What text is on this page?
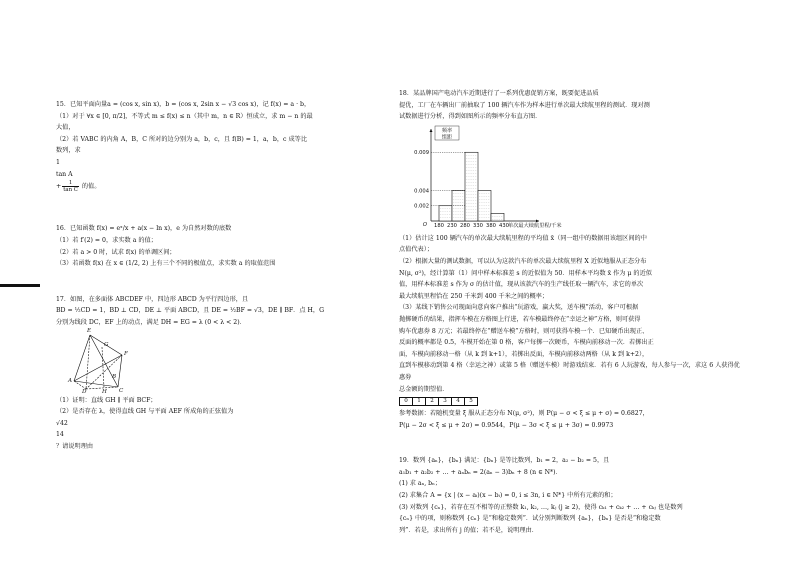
15．已知平面向量a = (cos x, sin x)，b = (cos x, 2sin x − √3 cos x)，记 f(x) = a · b，

（1）对于 ∀x ∈ [0, π/2]，不等式 m ≤ f(x) ≤ n（其中 m，n ∈ R）恒成立，求 m − n 的最

大值，

（2）若 VABC 的内角 A，B，C 所对的边分别为 a，b，c，且 f(B) = 1，a，b，c 成等比

数列，求

1
tan A
+ $\frac{1}{\text{tan C}}$ 的值。

16．已知函数 f(x) = eˣ/x + a(x − ln x)，e 为自然对数的底数

（1）若 f′(2) = 0，求实数 a 的值；

（2）若 a > 0 时，试求 f(x) 的单调区间；

（3）若函数 f(x) 在 x ∈ (1/2, 2) 上有三个不同的极值点，求实数 a 的取值范围

17．如图，在多面体 ABCDEF 中，四边形 ABCD 为平行四边形，且

BD = ½CD = 1，BD ⊥ CD，DE ⊥ 平面 ABCD，且 DE = ½BF = √3，DE ∥ BF．点 H，G

分别为线段 DC，EF 上的动点，满足 DH = EG = λ (0 < λ < 2)．

E
F
G
A
B
D	H C

（1）证明：直线 GH ∥ 平面 BCF；

（2）是否存在 λ，使得直线 GH 与平面 AEF 所成角的正弦值为

√42
14
？请说明理由

18．某品牌国产电动汽车近期进行了一系列优惠促销方案，既要促进品质

提优，工厂在车辆出厂前抽取了 100 辆汽车作为样本进行单次最大续航里程的测试．现对测

试数据进行分析，得到如图所示的频率分布直方图．

0.002
0.004
0.009
O 180 230 280 330 380 430 单次最大续航里程/千米
频率
组距

（1）估计这 100 辆汽车的单次最大续航里程的平均值 x̄（同一组中的数据用该组区间的中

点值代表）；

（2）根据大量的测试数据，可以认为这款汽车的单次最大续航里程 X 近似地服从正态分布

N(μ, σ²)，经计算第（1）问中样本标准差 s 的近似值为 50．用样本平均数 x̄ 作为 μ 的近似

值，用样本标准差 s 作为 σ 的估计值，现从该款汽车的生产线任取一辆汽车，求它的单次

最大续航里程恰在 250 千米到 400 千米之间的概率；

（3）某线下销售公司现面向意向客户推出“玩游戏，赢大奖，送车模”活动，客户可根据

抛掷硬币的结果，指挥车模在方格图上行进，若车模最终停在“幸运之神”方格，则可获得

购车优惠券 8 万元；若最终停在“赠送车模”方格时，则可获得车模一个．已知硬币出现正、

反面的概率都是 0.5，车模开始在第 0 格，客户每掷一次硬币，车模向前移动一次．若掷出正

面，车模向前移动一格（从 k 到 k+1），若掷出反面，车模向前移动两格（从 k 到 k+2），

直到车模移动到第 4 格（幸运之神）或第 5 格（赠送车模）时游戏结束．若有 6 人玩游戏，每人参与一次，求这 6 人获得优惠券

总金额的期望值．

0	1	2	3	4	5

参考数据：若随机变量 ξ 服从正态分布 N(μ, σ²)，则 P(μ − σ < ξ ≤ μ + σ) = 0.6827，

P(μ − 2σ < ξ ≤ μ + 2σ) = 0.9544，P(μ − 3σ < ξ ≤ μ + 3σ) = 0.9973

19．数列 {aₙ}，{bₙ} 满足：{bₙ} 是等比数列，b₁ = 2，a₂ − b₂ = 5，且

a₁b₁ + a₂b₂ + … + aₙbₙ = 2(aₙ − 3)bₙ + 8 (n ∈ N*)．

(1) 求 aₙ, bₙ；

(2) 求集合 A = {x | (x − aᵢ)(x − bᵢ) = 0, i ≤ 3n, i ∈ N*} 中所有元素的和；

(3) 对数列 {cₙ}，若存在互不相等的正整数 k₁, k₂, …, kⱼ (j ≥ 2)，使得 cₖ₁ + cₖ₂ + … + cₖⱼ 也是数列

{cₙ} 中的项，则称数列 {cₙ} 是“和稳定数列”．试分别判断数列 {aₙ}，{bₙ} 是否是“和稳定数

列”．若是，求出所有 j 的值；若不是，说明理由．
